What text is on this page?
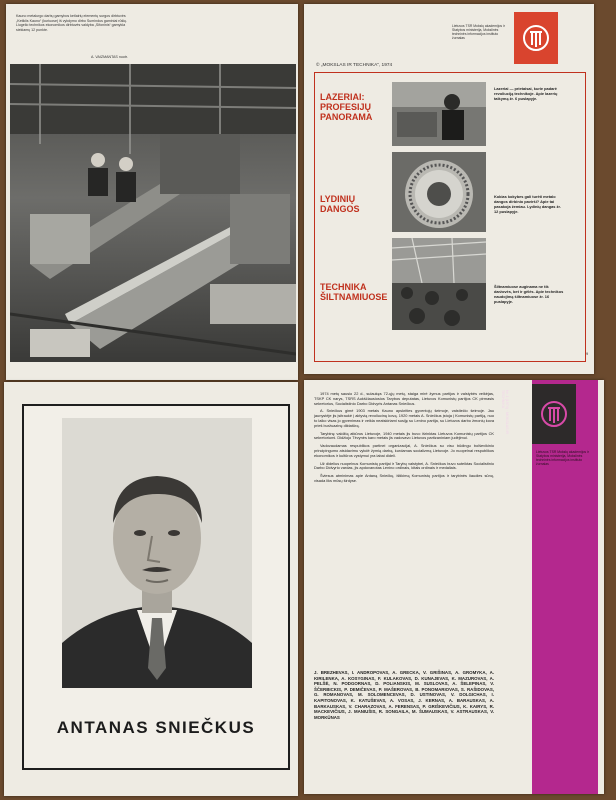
Kauno metalurgo darbų gamybos ketlairių elementų surgos dirbtuvės „Ketiklis Kauno“ (kuriuose) iš vykdymo dirbo Sumindus gaminiai rūšių. Liugelio technikos ekonomikos dirbtuvės valdyba „Sifoninis“ gamykla siekiamų 12 punkte.
A. VAIZMANTAS nuotr.
© „MOKSLAS IR TECHNIKA“, 1974
Lietuvos TSR Mokslų akademijos ir Statybos ministerija, Mokslinės techninės informacijos instituto žurnalas
LAZERIAI: PROFESIJŲ PANORAMA
Lazeriai — prietaisai, kurie padarė revoliuciją technikoje. Apie lazerių taikymą žr. 6 puslapyje.
LYDINIŲ DANGOS
Kokias kokybes gali turėti metalo dangos dirbinio pavirši? Apie tai pasakoja žemiau. Lydinių dangas žr. 12 puslapyje.
TECHNIKA ŠILTNAMIUOSE
Šiltnamiuose auginama ne tik daržovės, bet ir gėlės. Apie technikos naudojimą šiltnamiuose žr. 16 puslapyje.
9
ANTANAS SNIEČKUS

1974 metų sausio 22 d., sulaukęs 72-ųjų metų, staiga mirė žymus partijos ir valstybės veikėjas, TSKP CK narys, TSRS Aukščiausiosios Tarybos deputatas, Lietuvos Komunistų partijos CK pirmasis sekretorius, Socialistinio Darbo Didvyris Antanas Sniečkus.

A. Sniečkus gimė 1903 metais Kauno apskrities gyventojų šeimoje, valstiečio šeimoje. Jau jaunystėje jis įsitraukė į aktyvią revoliucinę kovą. 1920 metais A. Sniečkus įstoja į Komunistų partiją, nuo to laiko visas jo gyvenimas ir veikla neatskiriami susiję su Lenino partija, su Lietuvos darbo žmonių kova prieš buržuazinę diktatūrą.

Tarybinę valdžią atkūrus Lietuvoje, 1940 metais jis buvo išrinktas Lietuvos Komunistų partijos CK sekretoriumi. Didžiojo Tėvynės karo metais jis vadovavo Lietuvos partizaniniam judėjimui.

Vadovaudamas respublikos partinei organizacijai, A. Sniečkus su visu būdingu bolševikinio principingumo atsidavimu vykdė žymią darbą, kurdamas socializmą Lietuvoje. Jo nuopelnai respublikos ekonomikos ir kultūros vystymui yra labai dideli.

Už didelius nuopelnus Komunistų partijai ir Tarybų valstybei, A. Sniečkus buvo suteiktas Socialistinio Darbo Didvyrio vardas, jis apdovanotas Lenino ordinais, kitais ordinais ir medaliais.

Šviesus atminimas apie Antaną Sniečkų, ištikimą Komunistų partijos ir tarybinės liaudies sūnų, visada liks mūsų širdyse.

J. BREZHEVAS, I. ANDROPOVAS, A. GRECKA, V. GRIŠINAS, A. GROMYKA, A. KIRILENKA, A. KOSYGINAS, F. KULAKOVAS, D. KUNAJEVAS, K. MAZUROVAS, A. PELŠĖ, N. PODGORNAS, D. POLIANSKIS, M. SUSLOVAS, A. ŠELEPINAS, V. ŠČERBICKIS, P. DEMIČEVAS, P. MAŠEROVAS, B. PONOMARIOVAS, S. RAŠIDOVAS, G. ROMANOVAS, M. SOLOMENCEVAS, D. USTINOVAS, V. DOLGICHAS, I. KAPITONOVAS, K. KATUŠEVAS, A. VOSAS, J. KERNAS, A. BARAUSKAS, A. BARKAUSKAS, V. CHARAZOVAS, A. FERENSAS, P. GRIŠKEVIČIUS, K. KAIRYS, R. MACKEVIČIUS, J. MANIUŠIS, R. SONGAILA, M. ŠUMAUSKAS, V. ASTRAUSKAS, V. MORKŪNAS
Nr. 1 (1974) · MOKSLAS IR TECHNIKA
Lietuvos TSR Mokslų akademijos ir Statybos ministerija, Mokslinės techninės informacijos instituto žurnalas
